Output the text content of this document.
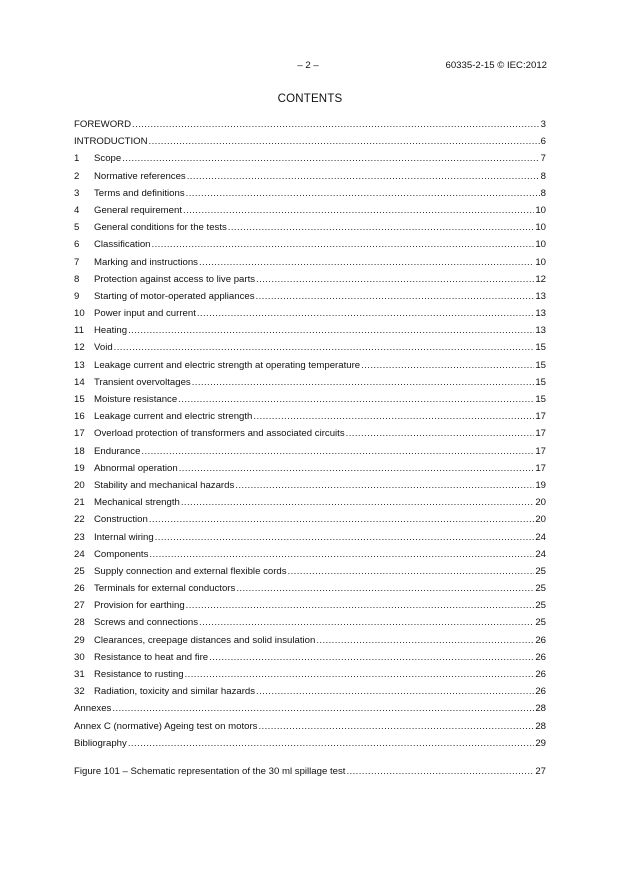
– 2 –	60335-2-15 © IEC:2012
CONTENTS
FOREWORD .....	3
INTRODUCTION .....	6
1	Scope .....	7
2	Normative references .....	8
3	Terms and definitions .....	8
4	General requirement .....	10
5	General conditions for the tests .....	10
6	Classification .....	10
7	Marking and instructions .....	10
8	Protection against access to live parts .....	12
9	Starting of motor-operated appliances .....	13
10 Power input and current .....	13
11	Heating .....	13
12 Void .....	15
13 Leakage current and electric strength at operating temperature .....	15
14 Transient overvoltages .....	15
15 Moisture resistance .....	15
16 Leakage current and electric strength .....	17
17 Overload protection of transformers and associated circuits .....	17
18 Endurance .....	17
19 Abnormal operation .....	17
20 Stability and mechanical hazards .....	19
21 Mechanical strength .....	20
22 Construction .....	20
23 Internal wiring .....	24
24 Components .....	24
25 Supply connection and external flexible cords .....	25
26 Terminals for external conductors .....	25
27 Provision for earthing .....	25
28 Screws and connections .....	25
29 Clearances, creepage distances and solid insulation .....	26
30 Resistance to heat and fire .....	26
31 Resistance to rusting .....	26
32 Radiation, toxicity and similar hazards .....	26
Annexes .....	28
Annex C (normative) Ageing test on motors .....	28
Bibliography .....	29
Figure 101 – Schematic representation of the 30 ml spillage test .....	27
